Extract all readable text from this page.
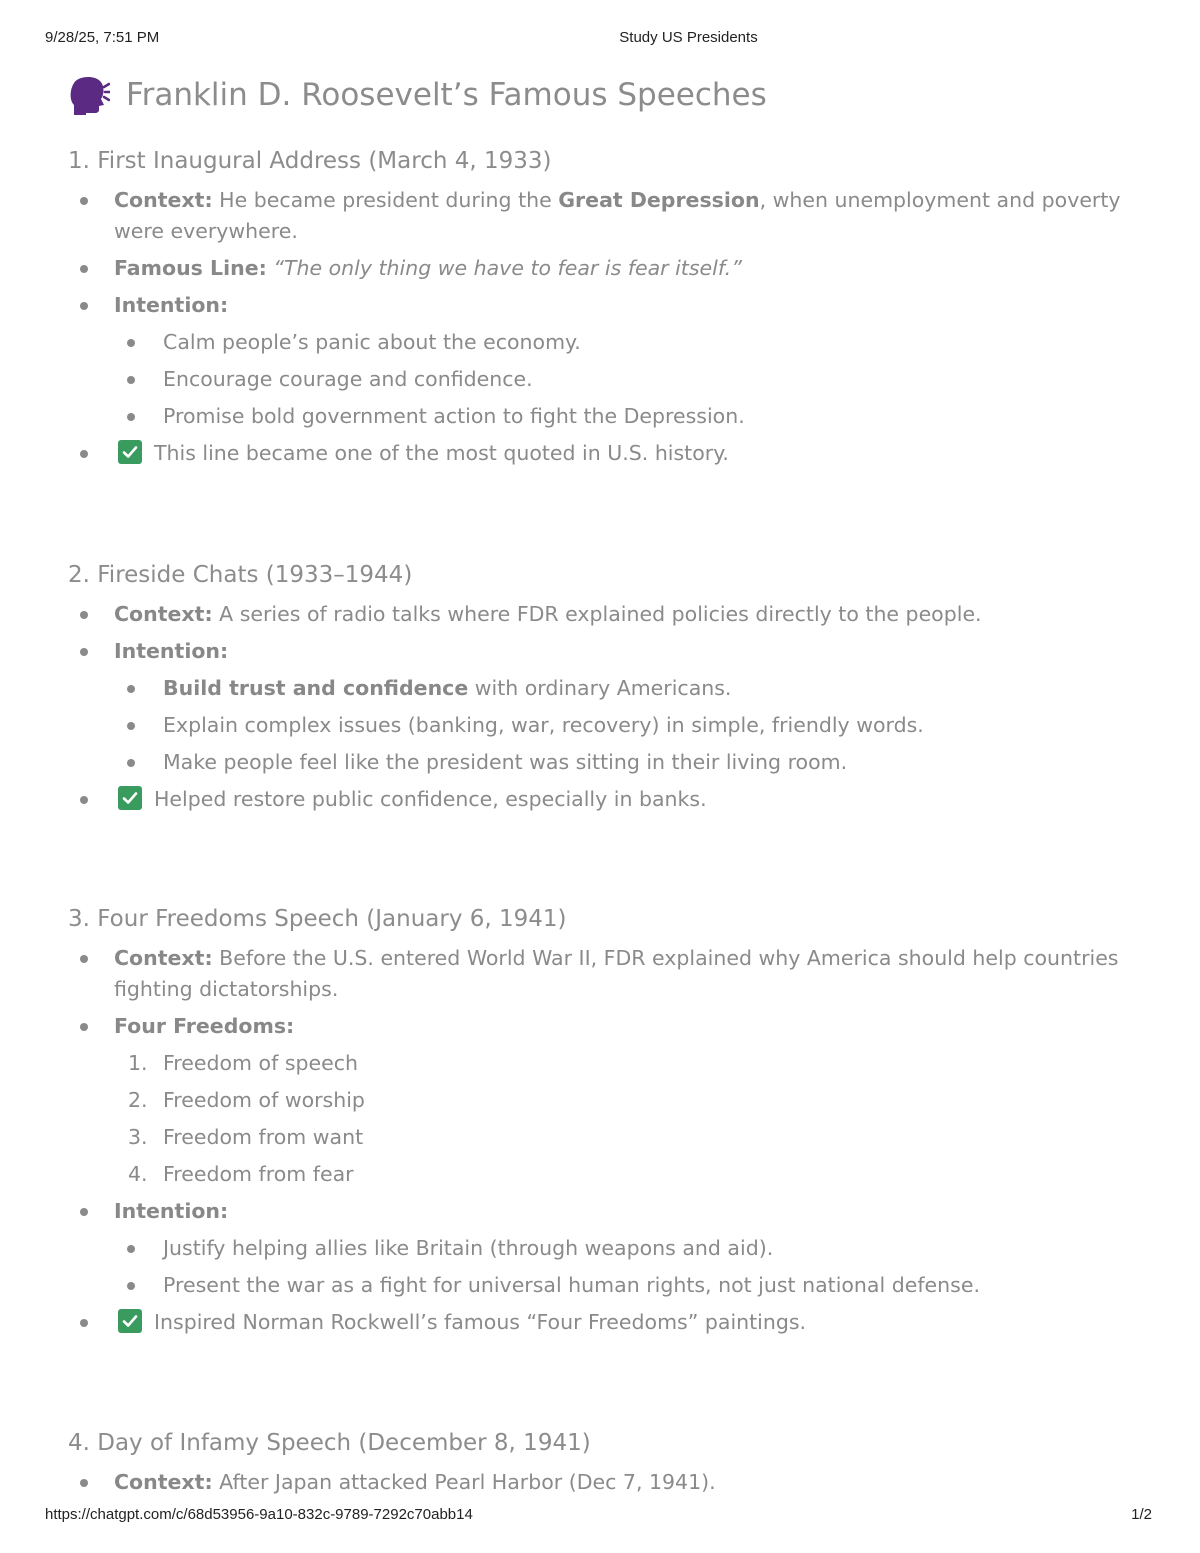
9/28/25, 7:51 PM	Study US Presidents
Franklin D. Roosevelt’s Famous Speeches
1. First Inaugural Address (March 4, 1933)
Context: He became president during the Great Depression, when unemployment and poverty were everywhere.
Famous Line: “The only thing we have to fear is fear itself.”
Intention:
Calm people’s panic about the economy.
Encourage courage and confidence.
Promise bold government action to fight the Depression.
This line became one of the most quoted in U.S. history.
2. Fireside Chats (1933–1944)
Context: A series of radio talks where FDR explained policies directly to the people.
Intention:
Build trust and confidence with ordinary Americans.
Explain complex issues (banking, war, recovery) in simple, friendly words.
Make people feel like the president was sitting in their living room.
Helped restore public confidence, especially in banks.
3. Four Freedoms Speech (January 6, 1941)
Context: Before the U.S. entered World War II, FDR explained why America should help countries fighting dictatorships.
Four Freedoms:
1. Freedom of speech
2. Freedom of worship
3. Freedom from want
4. Freedom from fear
Intention:
Justify helping allies like Britain (through weapons and aid).
Present the war as a fight for universal human rights, not just national defense.
Inspired Norman Rockwell’s famous “Four Freedoms” paintings.
4. Day of Infamy Speech (December 8, 1941)
Context: After Japan attacked Pearl Harbor (Dec 7, 1941).
https://chatgpt.com/c/68d53956-9a10-832c-9789-7292c70abb14	1/2
